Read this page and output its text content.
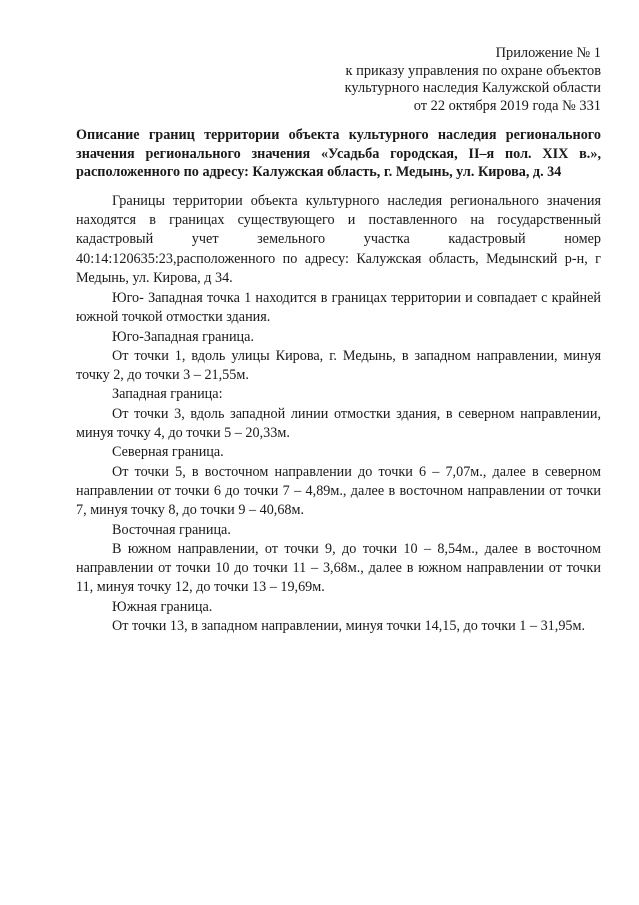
Приложение № 1
к приказу управления по охране объектов
культурного наследия Калужской области
от 22 октября 2019 года № 331
Описание границ территории объекта культурного наследия регионального значения регионального значения «Усадьба городская, II–я пол. XIX в.», расположенного по адресу: Калужская область, г. Медынь, ул. Кирова, д. 34

Границы территории объекта культурного наследия регионального значения находятся в границах существующего и поставленного на государственный кадастровый учет земельного участка кадастровый номер 40:14:120635:23,расположенного по адресу: Калужская область, Медынский р-н, г Медынь, ул. Кирова, д 34.

Юго- Западная точка 1 находится в границах территории и совпадает с крайней южной точкой отмостки здания.

Юго-Западная граница.

От точки 1, вдоль улицы Кирова, г. Медынь, в западном направлении, минуя точку 2, до точки 3 – 21,55м.

Западная граница:

От точки 3, вдоль западной линии отмостки здания, в северном направлении, минуя точку 4, до точки 5 – 20,33м.

Северная граница.

От точки 5, в восточном направлении до точки 6 – 7,07м., далее в северном направлении от точки 6 до точки 7 – 4,89м., далее в восточном направлении от точки 7, минуя точку 8, до точки 9 – 40,68м.

Восточная граница.

В южном направлении, от точки 9, до точки 10 – 8,54м., далее в восточном направлении от точки 10 до точки 11 – 3,68м., далее в южном направлении от точки 11, минуя точку 12, до точки 13 – 19,69м.

Южная граница.

От точки 13, в западном направлении, минуя точки 14,15, до точки 1 – 31,95м.
